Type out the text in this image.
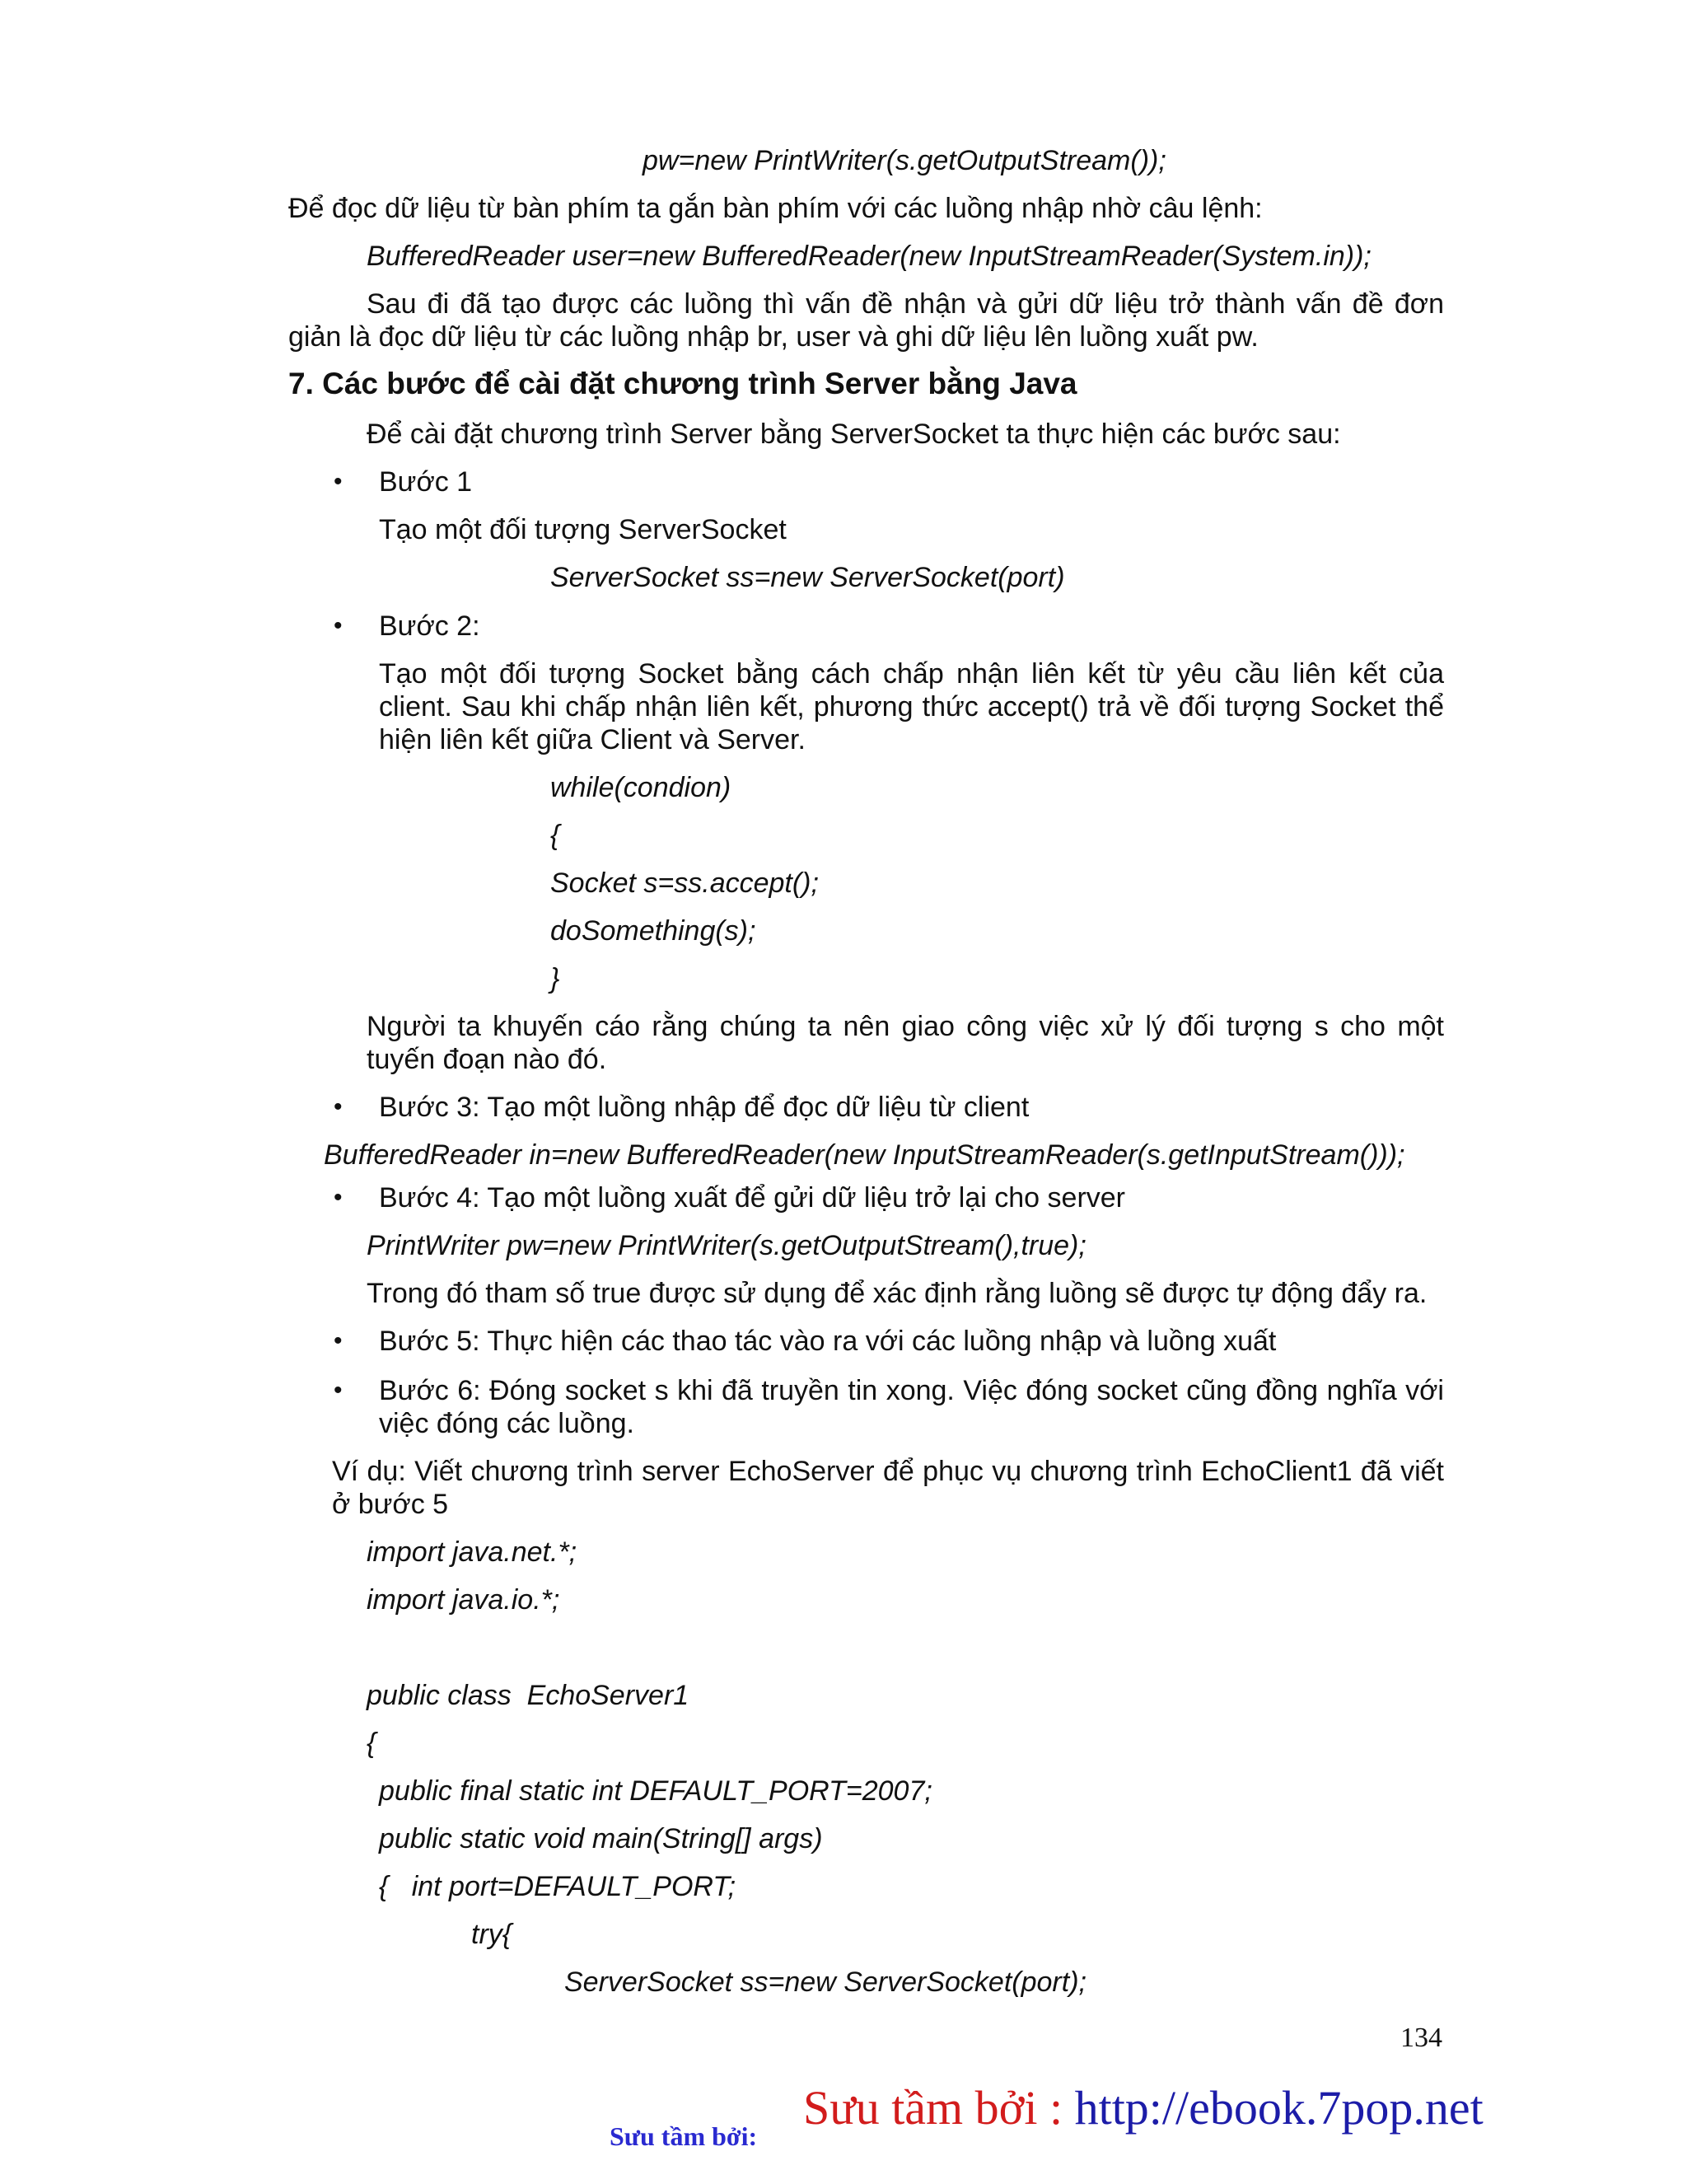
pw=new PrintWriter(s.getOutputStream());
Để đọc dữ liệu từ bàn phím ta gắn bàn phím với các luồng nhập nhờ câu lệnh:
BufferedReader user=new BufferedReader(new InputStreamReader(System.in));
Sau đi đã tạo được các luồng thì vấn đề nhận và gửi dữ liệu trở thành vấn đề đơn giản là đọc dữ liệu từ các luồng nhập br, user và ghi dữ liệu lên luồng xuất pw.
7. Các bước để cài đặt chương trình Server bằng Java
Để cài đặt chương trình Server bằng ServerSocket ta thực hiện các bước sau:
• Bước 1
Tạo một đối tượng ServerSocket
ServerSocket ss=new ServerSocket(port)
• Bước 2:
Tạo một đối tượng Socket bằng cách chấp nhận liên kết từ yêu cầu liên kết của client. Sau khi chấp nhận liên kết, phương thức accept() trả về đối tượng Socket thể hiện liên kết giữa Client và Server.
while(condion)
{
Socket s=ss.accept();
doSomething(s);
}
Người ta khuyến cáo rằng chúng ta nên giao công việc xử lý đối tượng s cho một tuyến đoạn nào đó.
• Bước 3: Tạo một luồng nhập để đọc dữ liệu từ client
BufferedReader in=new BufferedReader(new InputStreamReader(s.getInputStream()));
• Bước 4: Tạo một luồng xuất để gửi dữ liệu trở lại cho server
PrintWriter pw=new PrintWriter(s.getOutputStream(),true);
Trong đó tham số true được sử dụng để xác định rằng luồng sẽ được tự động đẩy ra.
• Bước 5: Thực hiện các thao tác vào ra với các luồng nhập và luồng xuất
• Bước 6: Đóng socket s khi đã truyền tin xong. Việc đóng socket cũng đồng nghĩa với việc đóng các luồng.
Ví dụ: Viết chương trình server EchoServer để phục vụ chương trình EchoClient1 đã viết ở bước 5
import java.net.*;
import java.io.*;
public class  EchoServer1
{
public final static int DEFAULT_PORT=2007;
public static void main(String[] args)
{   int port=DEFAULT_PORT;
try{
ServerSocket ss=new ServerSocket(port);
134
Sưu tầm bởi:
Sưu tầm bởi : http://ebook.7pop.net
